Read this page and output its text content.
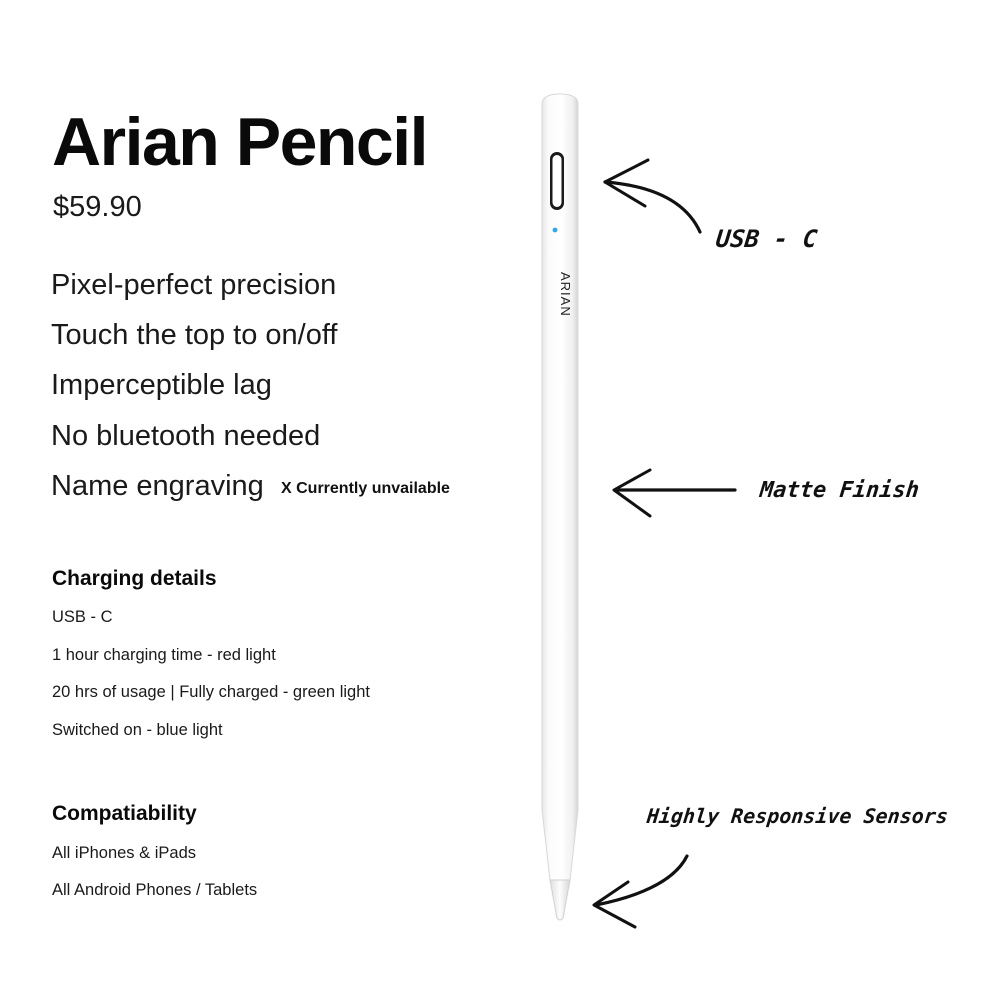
Arian Pencil
$59.90
Pixel-perfect precision
Touch the top to on/off
Imperceptible lag
No bluetooth needed
Name engraving X Currently unvailable
Charging details
USB - C
1 hour charging time - red light
20 hrs of usage | Fully charged - green light
Switched on - blue light
Compatiability
All iPhones & iPads
All Android Phones / Tablets
ARIAN
USB - C
Matte Finish
Highly Responsive Sensors
